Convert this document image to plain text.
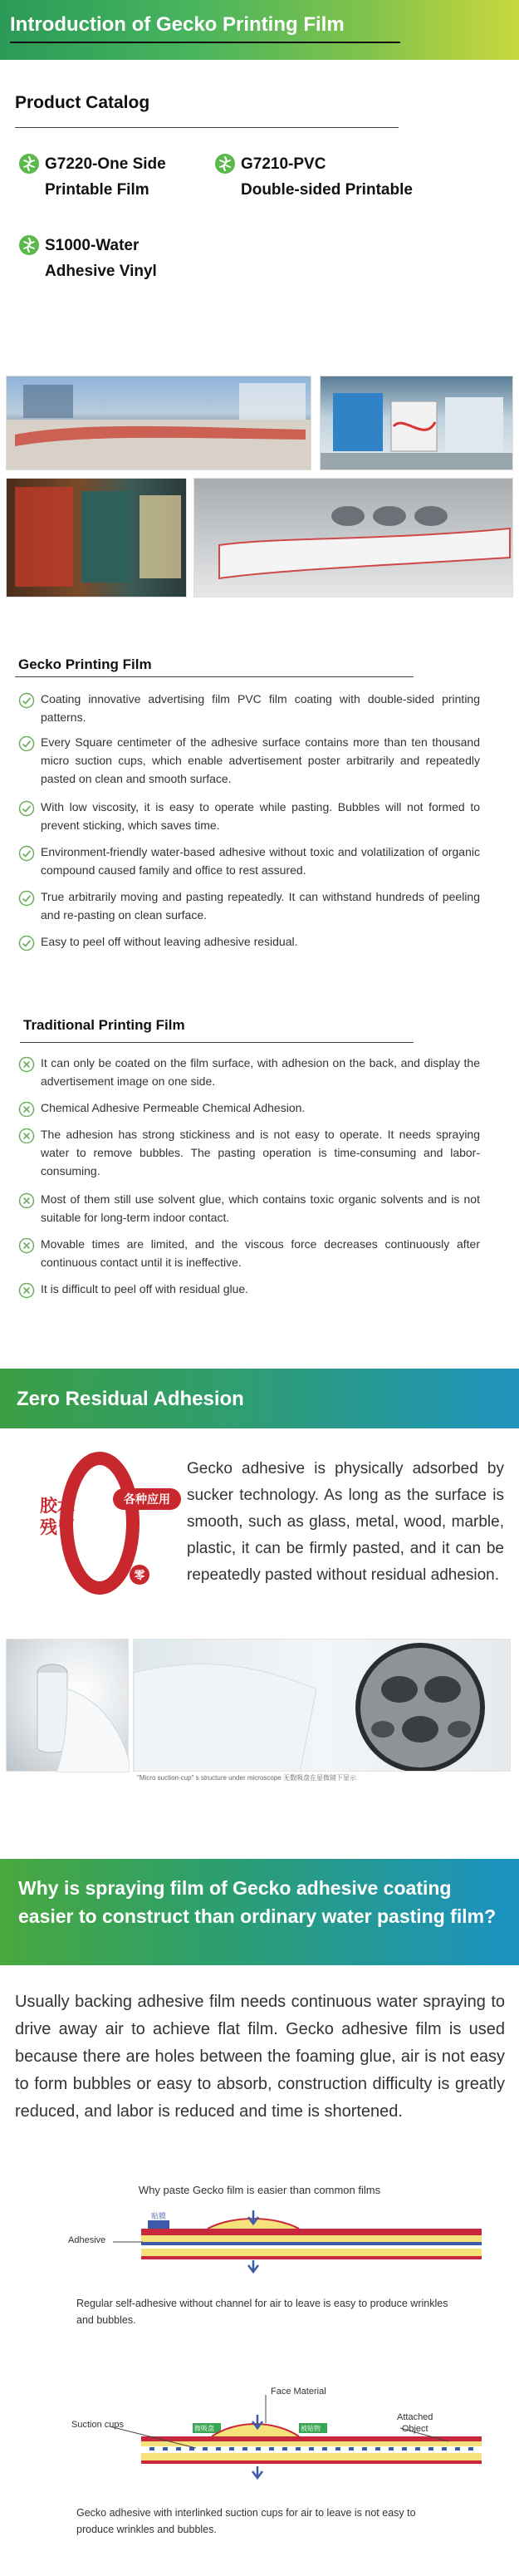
Introduction of Gecko Printing Film
Product Catalog
G7220-One Side
Printable Film
G7210-PVC
Double-sided Printable
S1000-Water
Adhesive Vinyl
Gecko Printing Film
Coating innovative advertising film PVC film coating with double-sided printing patterns.
Every Square centimeter of the adhesive surface contains more than ten thousand micro suction cups, which enable advertisement poster arbitrarily and repeatedly pasted on clean and smooth surface.
With low viscosity, it is easy to operate while pasting. Bubbles will not formed to prevent sticking, which saves time.
Environment-friendly water-based adhesive without toxic and volatilization of organic compound caused family and office to rest assured.
True arbitrarily moving and pasting repeatedly. It can withstand hundreds of peeling and re-pasting on clean surface.
Easy to peel off without leaving adhesive residual.
Traditional Printing Film
It can only be coated on the film surface, with adhesion on the back, and display the advertisement image on one side.
Chemical Adhesive Permeable Chemical Adhesion.
The adhesion has strong stickiness and is not easy to operate. It needs spraying water to remove bubbles. The pasting operation is time-consuming and labor-consuming.
Most of them still use solvent glue, which contains toxic organic solvents and is not suitable for long-term indoor contact.
Movable times are limited, and the viscous force decreases continuously after continuous contact until it is ineffective.
It is difficult to peel off with residual glue.
Zero Residual Adhesion
胶水
残留
各种应用
零
Gecko adhesive is physically adsorbed by sucker technology. As long as the surface is smooth, such as glass, metal, wood, marble, plastic, it can be firmly pasted, and it can be repeatedly pasted without residual adhesion.
"Micro suction-cup" s structure under microscope 无数吸盘在显微镜下显示
Why is spraying film of Gecko adhesive coating easier to construct than ordinary water pasting film?
Usually backing adhesive film needs continuous water spraying to drive away air to achieve flat film. Gecko adhesive film is used because there are holes between the foaming glue, air is not easy to form bubbles or easy to absorb, construction difficulty is greatly reduced, and labor is reduced and time is shortened.
Why paste Gecko film is easier than common films
贴膜
Adhesive
Regular self-adhesive without channel for air to leave is easy to produce wrinkles and bubbles.
Face Material
Suction cups
Attached
Object
微吸盘	被贴物
Gecko adhesive with interlinked suction cups for air to leave is not easy to produce wrinkles and bubbles.
